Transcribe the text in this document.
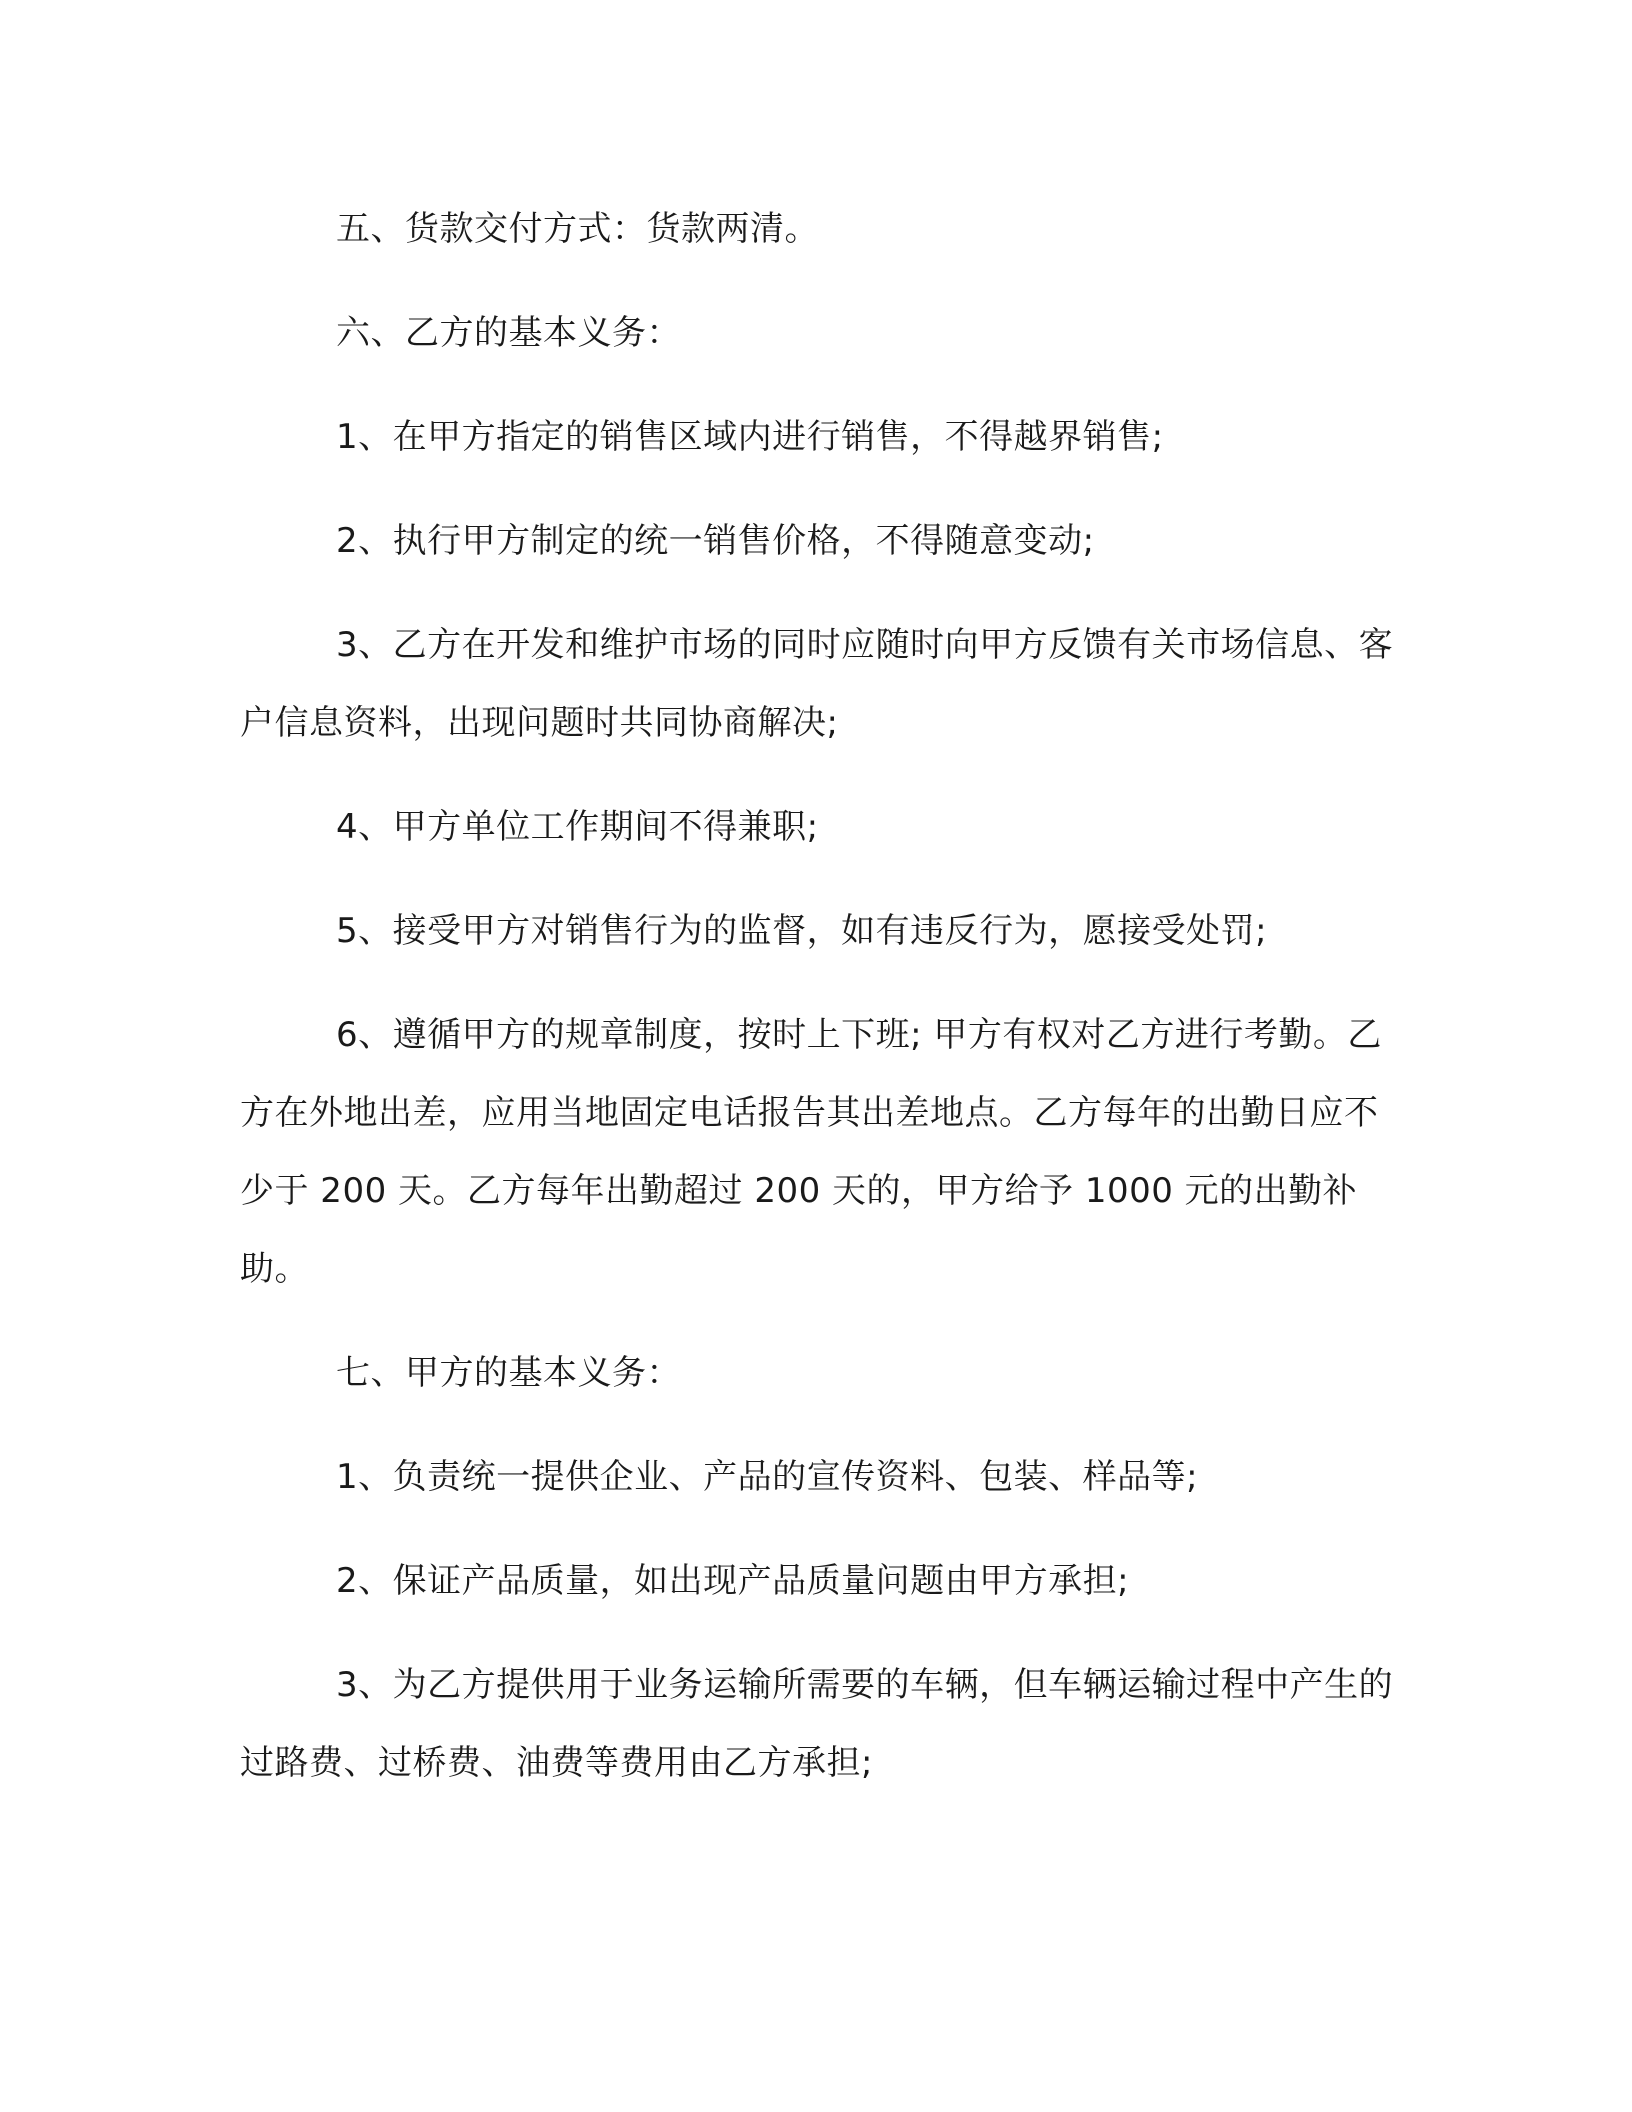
五、货款交付方式：货款两清。

六、乙方的基本义务：

1、在甲方指定的销售区域内进行销售，不得越界销售;

2、执行甲方制定的统一销售价格，不得随意变动;

3、乙方在开发和维护市场的同时应随时向甲方反馈有关市场信息、客户信息资料，出现问题时共同协商解决;

4、甲方单位工作期间不得兼职;

5、接受甲方对销售行为的监督，如有违反行为，愿接受处罚;

6、遵循甲方的规章制度，按时上下班; 甲方有权对乙方进行考勤。乙方在外地出差，应用当地固定电话报告其出差地点。乙方每年的出勤日应不少于 200 天。乙方每年出勤超过 200 天的，甲方给予 1000 元的出勤补助。

七、甲方的基本义务：

1、负责统一提供企业、产品的宣传资料、包装、样品等;

2、保证产品质量，如出现产品质量问题由甲方承担;

3、为乙方提供用于业务运输所需要的车辆，但车辆运输过程中产生的过路费、过桥费、油费等费用由乙方承担;
